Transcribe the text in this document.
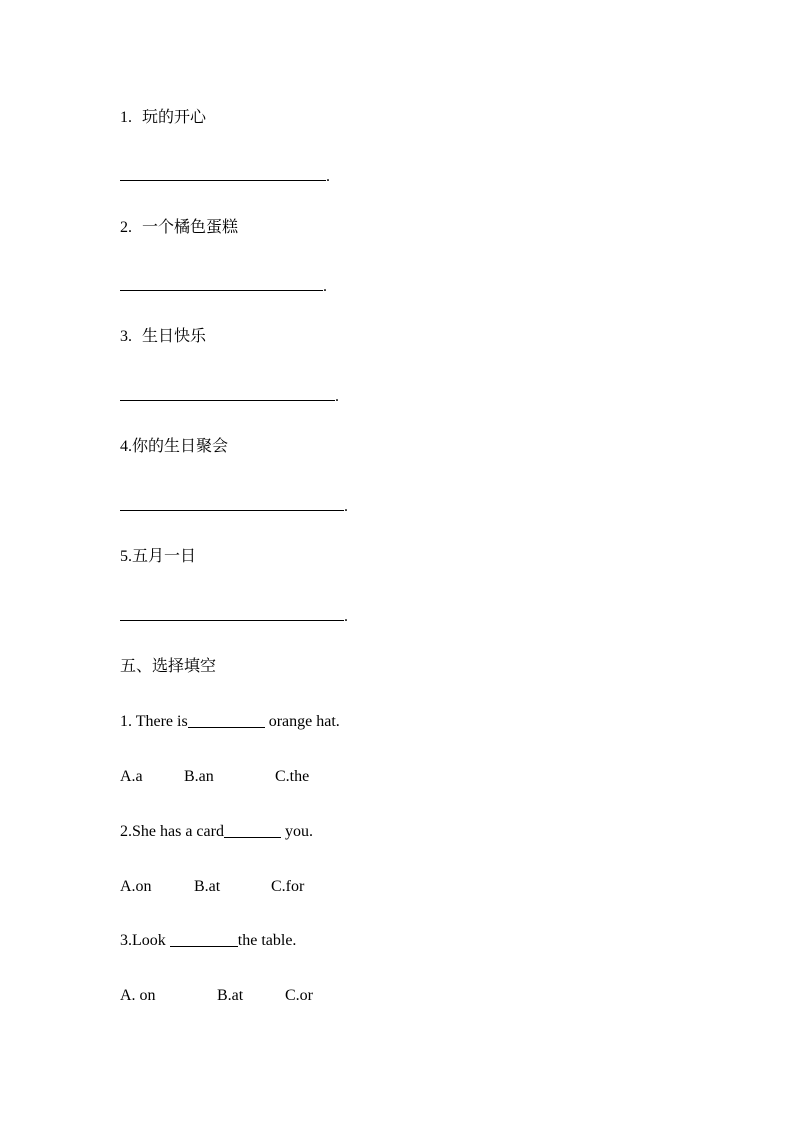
1. 玩的开心
.
2. 一个橘色蛋糕
.
3. 生日快乐
.
4.你的生日聚会
.
5.五月一日
.
五、选择填空
1. There is	orange hat.
A.a	B.an	C.the
2.She has a card	you.
A.on	B.at	C.for
3.Look	the table.
A. on	B.at	C.or
